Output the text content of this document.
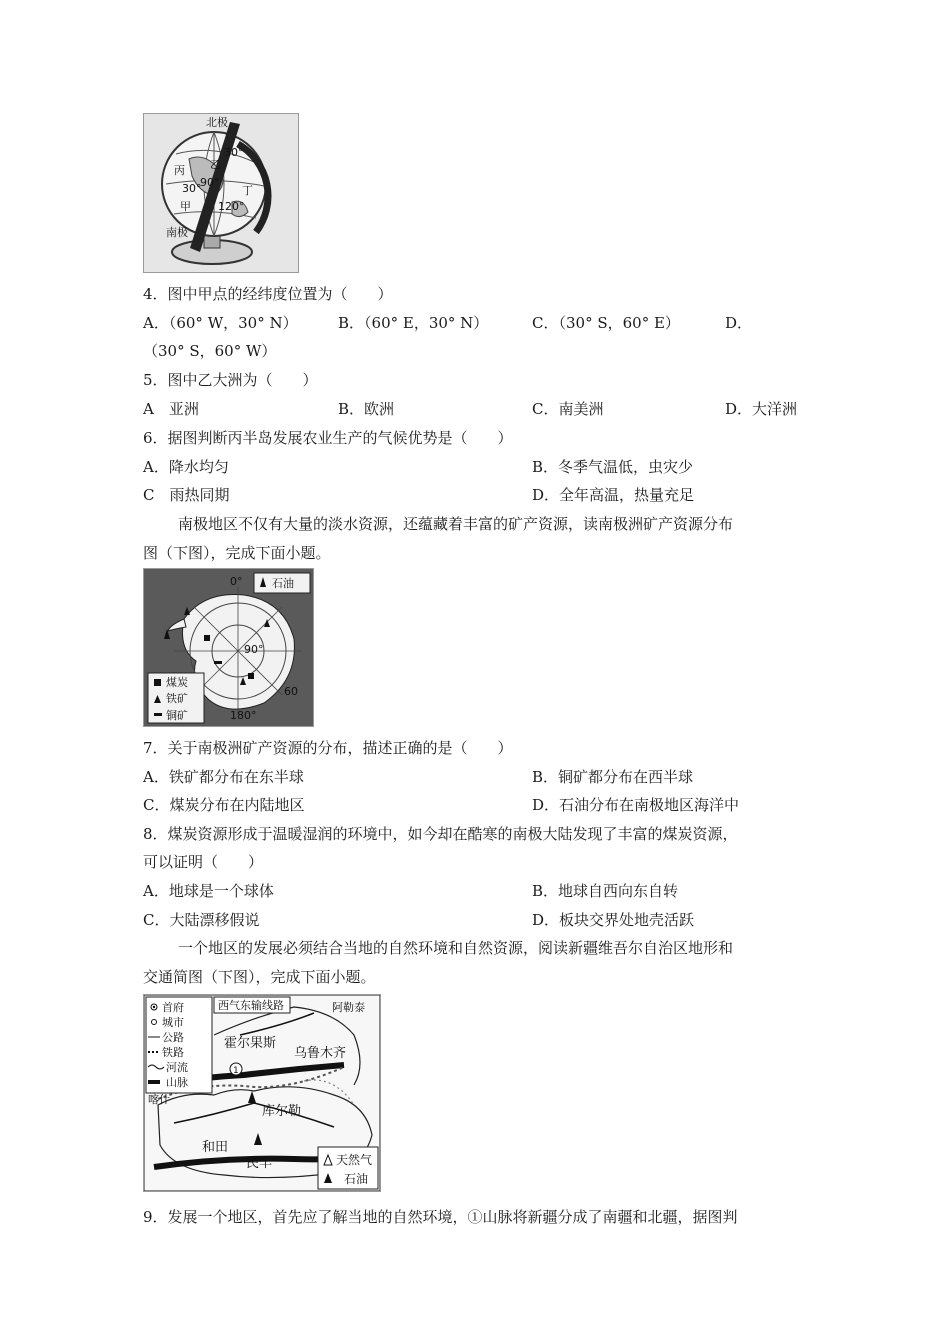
北极
南极
30°
30°
90°
120°
甲
乙
丙
丁
4．图中甲点的经纬度位置为（　　）
A．（60° W，30° N）	B．（60° E，30° N）	C．（30° S，60° E）	D．
（30° S，60° W）
5．图中乙大洲为（　　）
A　亚洲	B．欧洲	C．南美洲	D．大洋洲
6．据图判断丙半岛发展农业生产的气候优势是（　　）
A．降水均匀	B．冬季气温低，虫灾少
C　雨热同期	D．全年高温，热量充足
南极地区不仅有大量的淡水资源，还蕴藏着丰富的矿产资源，读南极洲矿产资源分布
图（下图），完成下面小题。
石油
煤炭
铁矿
铜矿
0°
90°
180°
60
7．关于南极洲矿产资源的分布，描述正确的是（　　）
A．铁矿都分布在东半球	B．铜矿都分布在西半球
C．煤炭分布在内陆地区	D．石油分布在南极地区海洋中
8．煤炭资源形成于温暖湿润的环境中，如今却在酷寒的南极大陆发现了丰富的煤炭资源，
可以证明（　　）
A．地球是一个球体	B．地球自西向东自转
C．大陆漂移假说	D．板块交界处地壳活跃
一个地区的发展必须结合当地的自然环境和自然资源，阅读新疆维吾尔自治区地形和
交通简图（下图），完成下面小题。
首府
城市
公路
铁路
河流
山脉
西气东输线路	阿勒泰
霍尔果斯
乌鲁木齐
喀什
库尔勒
和田
民丰
1
天然气
石油
9．发展一个地区，首先应了解当地的自然环境，①山脉将新疆分成了南疆和北疆，据图判
